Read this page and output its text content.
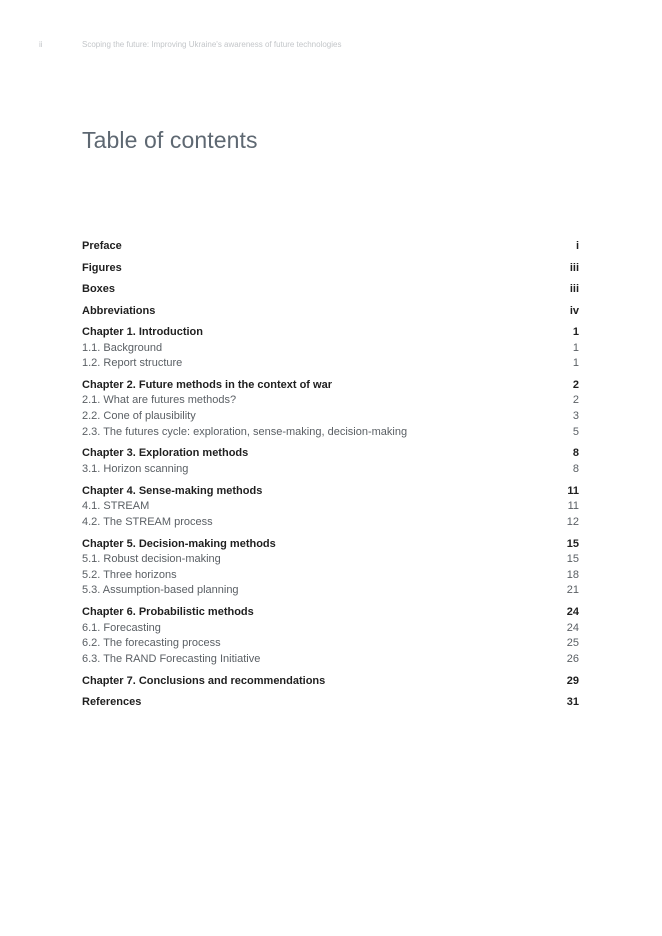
ii	Scoping the future: Improving Ukraine's awareness of future technologies
Table of contents
Preface	i
Figures	iii
Boxes	iii
Abbreviations	iv
Chapter 1. Introduction	1
1.1. Background	1
1.2. Report structure	1
Chapter 2. Future methods in the context of war	2
2.1. What are futures methods?	2
2.2. Cone of plausibility	3
2.3. The futures cycle: exploration, sense-making, decision-making	5
Chapter 3. Exploration methods	8
3.1. Horizon scanning	8
Chapter 4. Sense-making methods	11
4.1. STREAM	11
4.2. The STREAM process	12
Chapter 5. Decision-making methods	15
5.1. Robust decision-making	15
5.2. Three horizons	18
5.3. Assumption-based planning	21
Chapter 6. Probabilistic methods	24
6.1. Forecasting	24
6.2. The forecasting process	25
6.3. The RAND Forecasting Initiative	26
Chapter 7. Conclusions and recommendations	29
References	31
